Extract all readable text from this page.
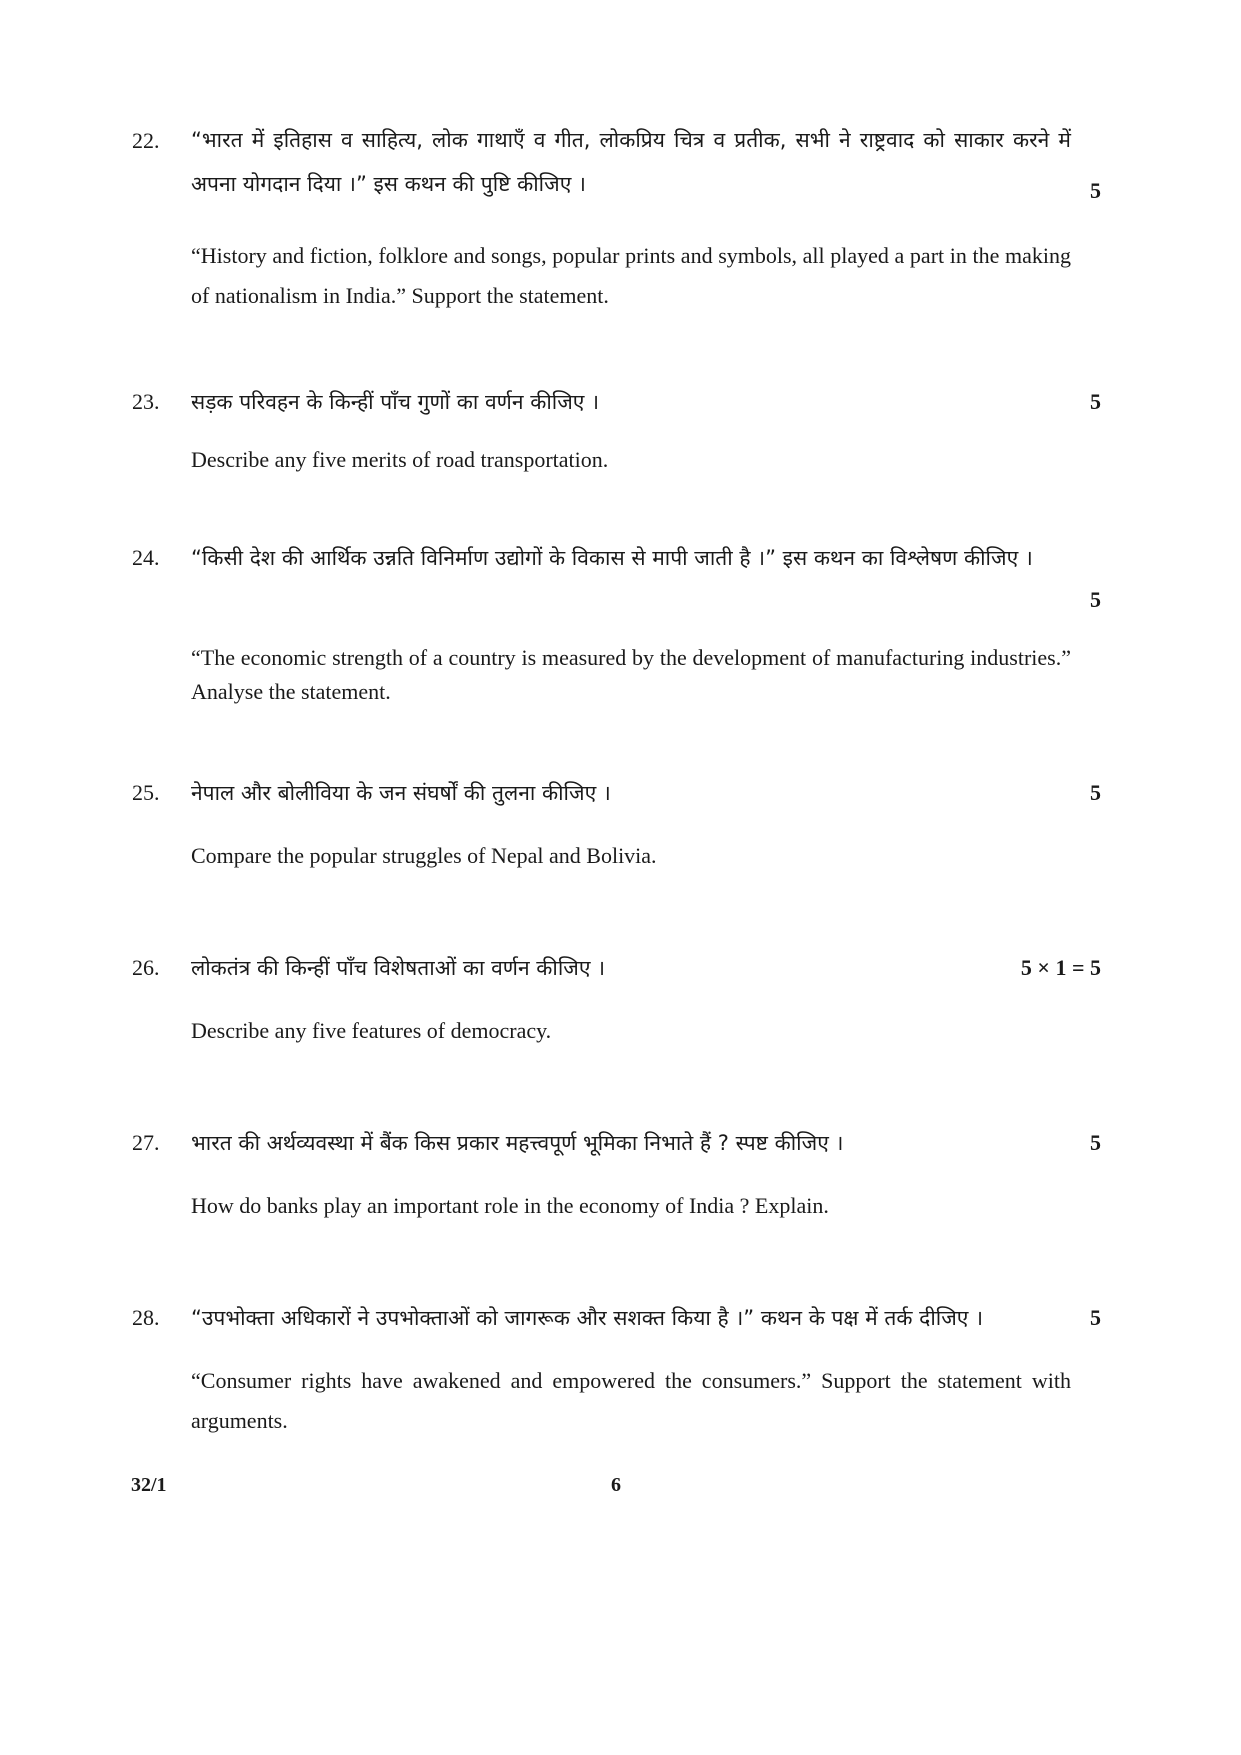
22. “भारत में इतिहास व साहित्य, लोक गाथाएँ व गीत, लोकप्रिय चित्र व प्रतीक, सभी ने राष्ट्रवाद को साकार करने में अपना योगदान दिया ।” इस कथन की पुष्टि कीजिए ।	5
“History and fiction, folklore and songs, popular prints and symbols, all played a part in the making of nationalism in India.” Support the statement.
23. सड़क परिवहन के किन्हीं पाँच गुणों का वर्णन कीजिए ।	5
Describe any five merits of road transportation.
24. “किसी देश की आर्थिक उन्नति विनिर्माण उद्योगों के विकास से मापी जाती है ।” इस कथन का विश्लेषण कीजिए ।
5
“The economic strength of a country is measured by the development of manufacturing industries.” Analyse the statement.
25. नेपाल और बोलीविया के जन संघर्षों की तुलना कीजिए ।	5
Compare the popular struggles of Nepal and Bolivia.
26. लोकतंत्र की किन्हीं पाँच विशेषताओं का वर्णन कीजिए ।	5 × 1 = 5
Describe any five features of democracy.
27. भारत की अर्थव्यवस्था में बैंक किस प्रकार महत्त्वपूर्ण भूमिका निभाते हैं ? स्पष्ट कीजिए ।	5
How do banks play an important role in the economy of India ? Explain.
28. “उपभोक्ता अधिकारों ने उपभोक्ताओं को जागरूक और सशक्त किया है ।” कथन के पक्ष में तर्क दीजिए ।	5
“Consumer rights have awakened and empowered the consumers.” Support the statement with arguments.
32/1	6
